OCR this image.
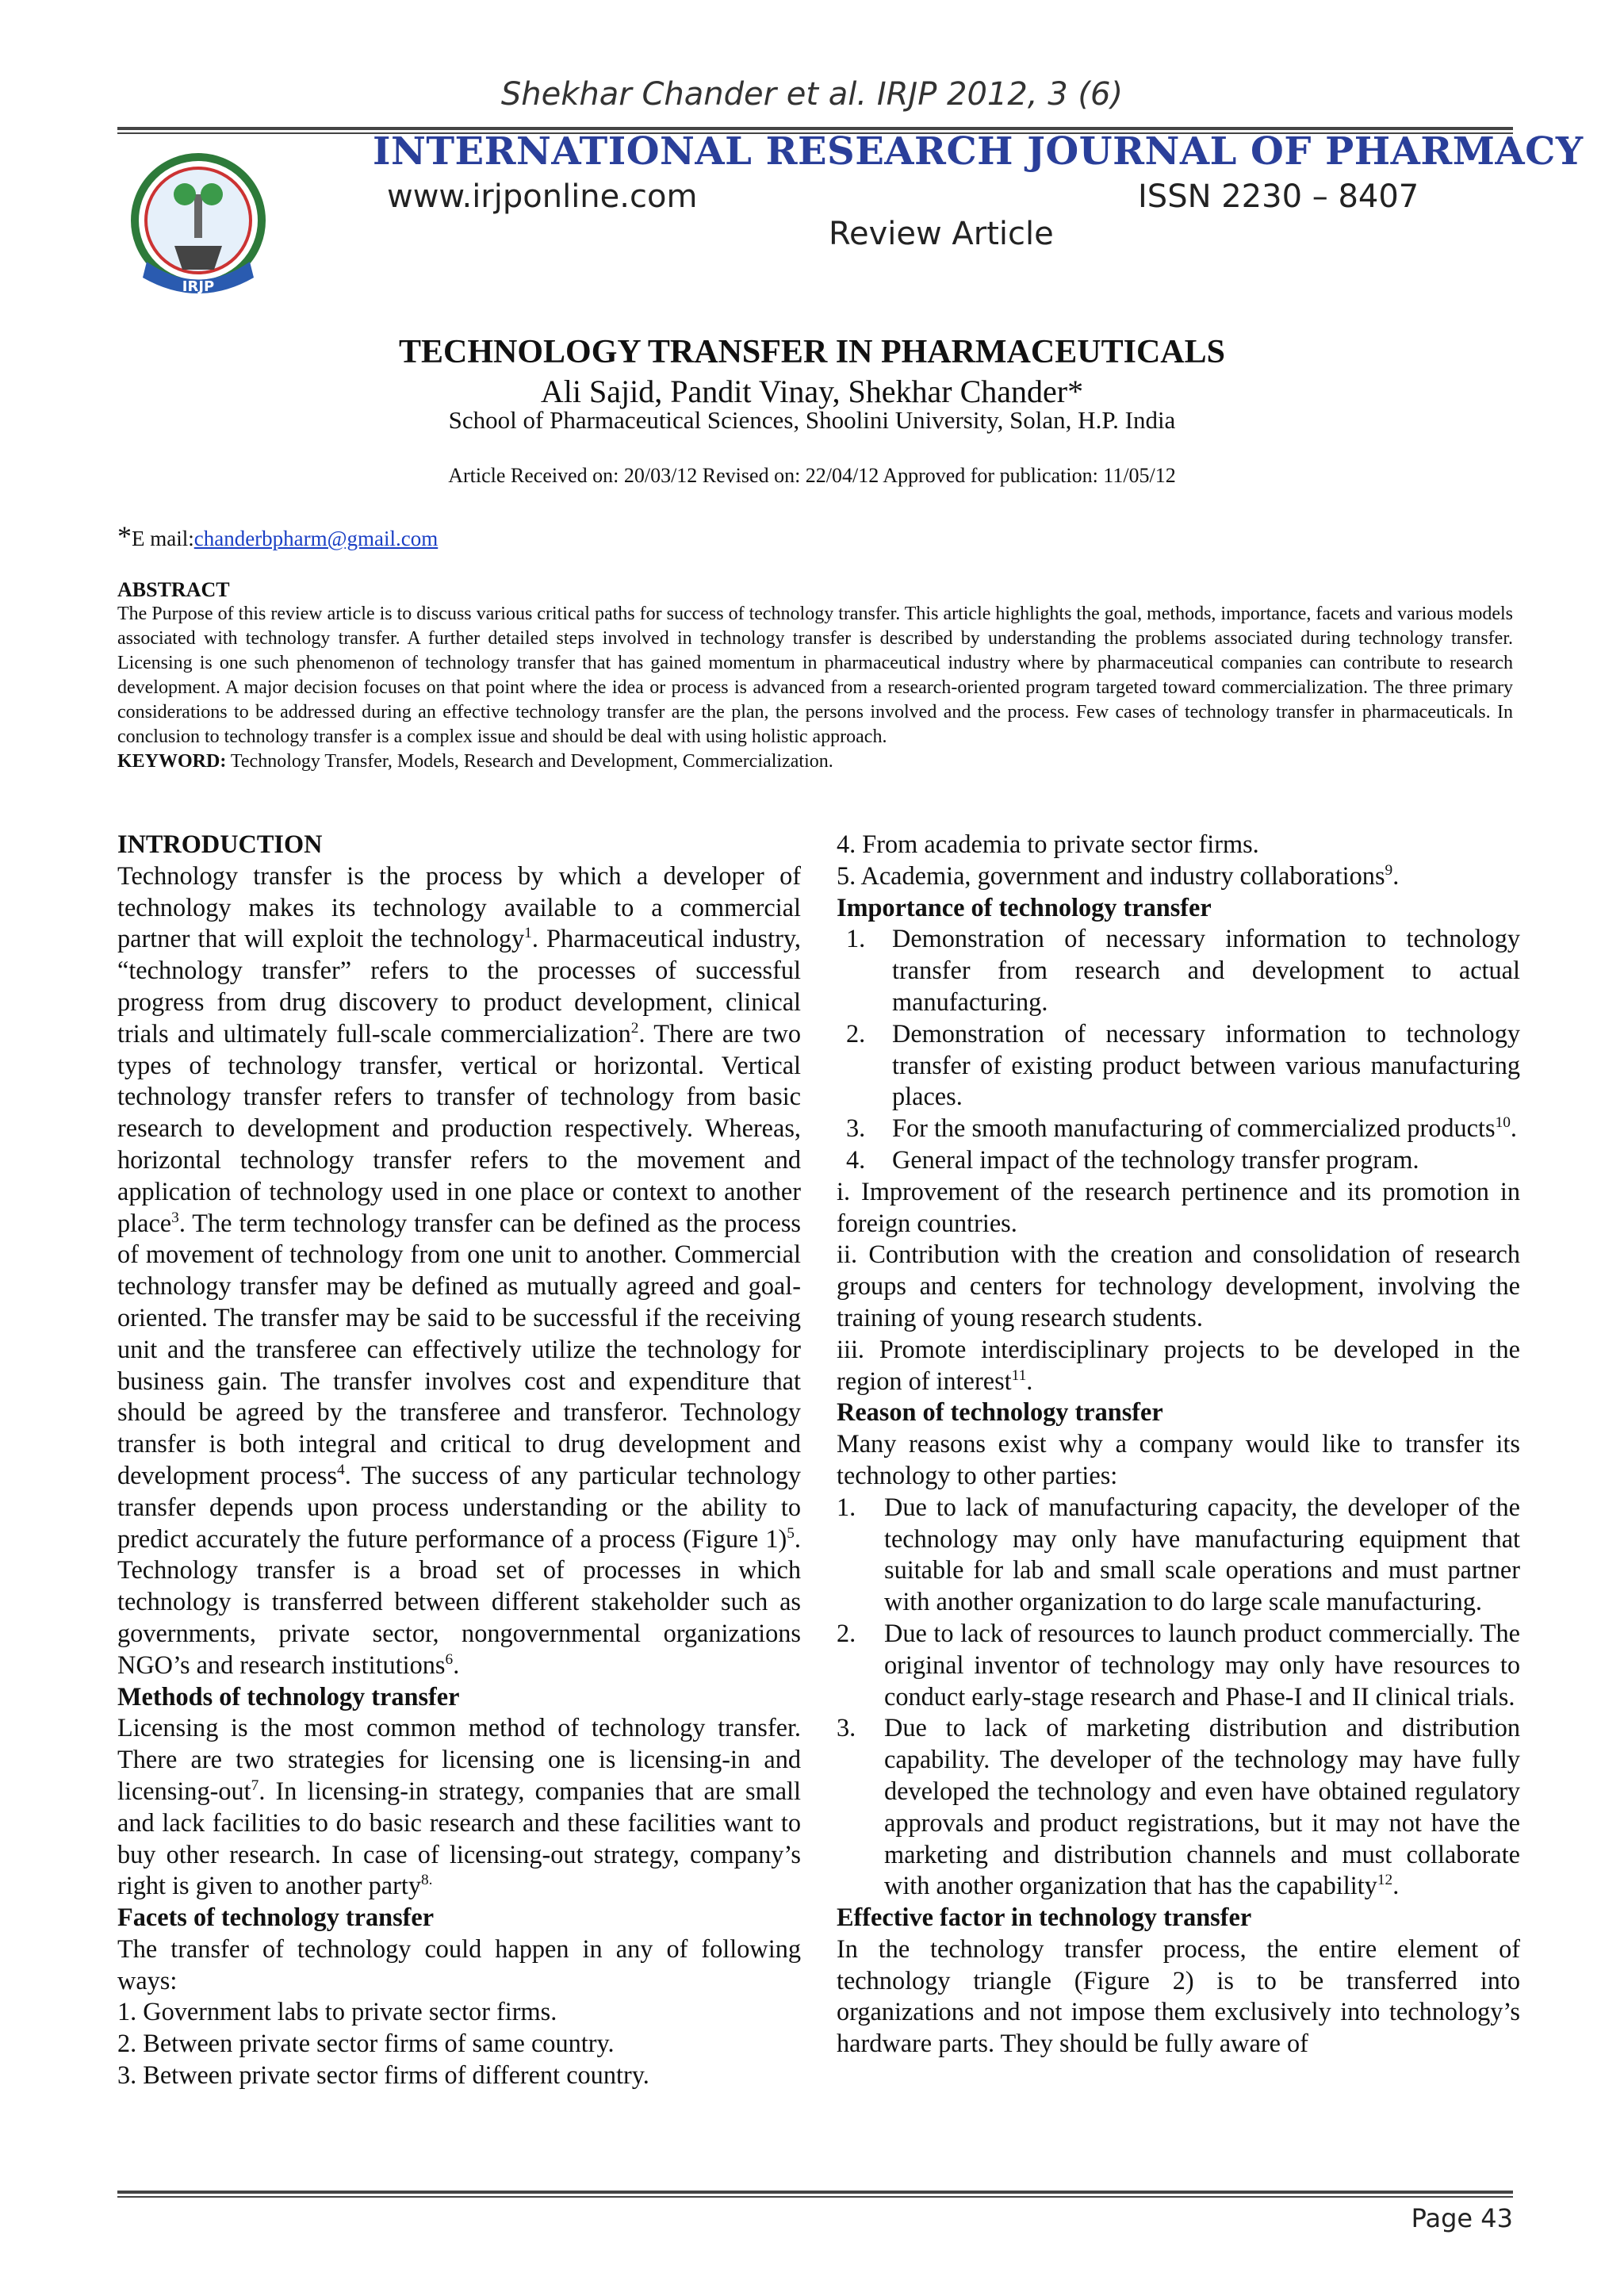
Shekhar Chander et al. IRJP 2012, 3 (6)
IRJP
INTERNATIONAL RESEARCH JOURNAL OF PHARMACY
www.irjponline.com	ISSN 2230 – 8407
Review Article
TECHNOLOGY TRANSFER IN PHARMACEUTICALS
Ali Sajid, Pandit Vinay, Shekhar Chander*
School of Pharmaceutical Sciences, Shoolini University, Solan, H.P. India
Article Received on: 20/03/12 Revised on: 22/04/12 Approved for publication: 11/05/12
*E mail:chanderbpharm@gmail.com
ABSTRACT

The Purpose of this review article is to discuss various critical paths for success of technology transfer. This article highlights the goal, methods, importance, facets and various models associated with technology transfer. A further detailed steps involved in technology transfer is described by understanding the problems associated during technology transfer. Licensing is one such phenomenon of technology transfer that has gained momentum in pharmaceutical industry where by pharmaceutical companies can contribute to research development. A major decision focuses on that point where the idea or process is advanced from a research-oriented program targeted toward commercialization. The three primary considerations to be addressed during an effective technology transfer are the plan, the persons involved and the process. Few cases of technology transfer in pharmaceuticals. In conclusion to technology transfer is a complex issue and should be deal with using holistic approach.

KEYWORD: Technology Transfer, Models, Research and Development, Commercialization.

INTRODUCTION

Technology transfer is the process by which a developer of technology makes its technology available to a commercial partner that will exploit the technology$^1$. Pharmaceutical industry, “technology transfer” refers to the processes of successful progress from drug discovery to product development, clinical trials and ultimately full-scale commercialization$^2$. There are two types of technology transfer, vertical or horizontal. Vertical technology transfer refers to transfer of technology from basic research to development and production respectively. Whereas, horizontal technology transfer refers to the movement and application of technology used in one place or context to another place$^3$. The term technology transfer can be defined as the process of movement of technology from one unit to another. Commercial technology transfer may be defined as mutually agreed and goal-oriented. The transfer may be said to be successful if the receiving unit and the transferee can effectively utilize the technology for business gain. The transfer involves cost and expenditure that should be agreed by the transferee and transferor. Technology transfer is both integral and critical to drug development and development process$^4$. The success of any particular technology transfer depends upon process understanding or the ability to predict accurately the future performance of a process (Figure 1)$^5$. Technology transfer is a broad set of processes in which technology is transferred between different stakeholder such as governments, private sector, nongovernmental organizations NGO’s and research institutions$^6$.

Methods of technology transfer

Licensing is the most common method of technology transfer. There are two strategies for licensing one is licensing-in and licensing-out$^7$. In licensing-in strategy, companies that are small and lack facilities to do basic research and these facilities want to buy other research. In case of licensing-out strategy, company’s right is given to another party$^{8.}$

Facets of technology transfer

The transfer of technology could happen in any of following ways:

1. Government labs to private sector firms.

2. Between private sector firms of same country.

3. Between private sector firms of different country.

4. From academia to private sector firms.

5. Academia, government and industry collaborations$^9$.

Importance of technology transfer

1. Demonstration of necessary information to technology transfer from research and development to actual manufacturing.

2. Demonstration of necessary information to technology transfer of existing product between various manufacturing places.

3. For the smooth manufacturing of commercialized products$^{10}$.

4. General impact of the technology transfer program.

i. Improvement of the research pertinence and its promotion in foreign countries.

ii. Contribution with the creation and consolidation of research groups and centers for technology development, involving the training of young research students.

iii. Promote interdisciplinary projects to be developed in the region of interest$^{11}$.

Reason of technology transfer

Many reasons exist why a company would like to transfer its technology to other parties:

1. Due to lack of manufacturing capacity, the developer of the technology may only have manufacturing equipment that suitable for lab and small scale operations and must partner with another organization to do large scale manufacturing.

2. Due to lack of resources to launch product commercially. The original inventor of technology may only have resources to conduct early-stage research and Phase-I and II clinical trials.

3. Due to lack of marketing distribution and distribution capability. The developer of the technology may have fully developed the technology and even have obtained regulatory approvals and product registrations, but it may not have the marketing and distribution channels and must collaborate with another organization that has the capability$^{12}$.

Effective factor in technology transfer

In the technology transfer process, the entire element of technology triangle (Figure 2) is to be transferred into organizations and not impose them exclusively into technology’s hardware parts. They should be fully aware of

Page 43
